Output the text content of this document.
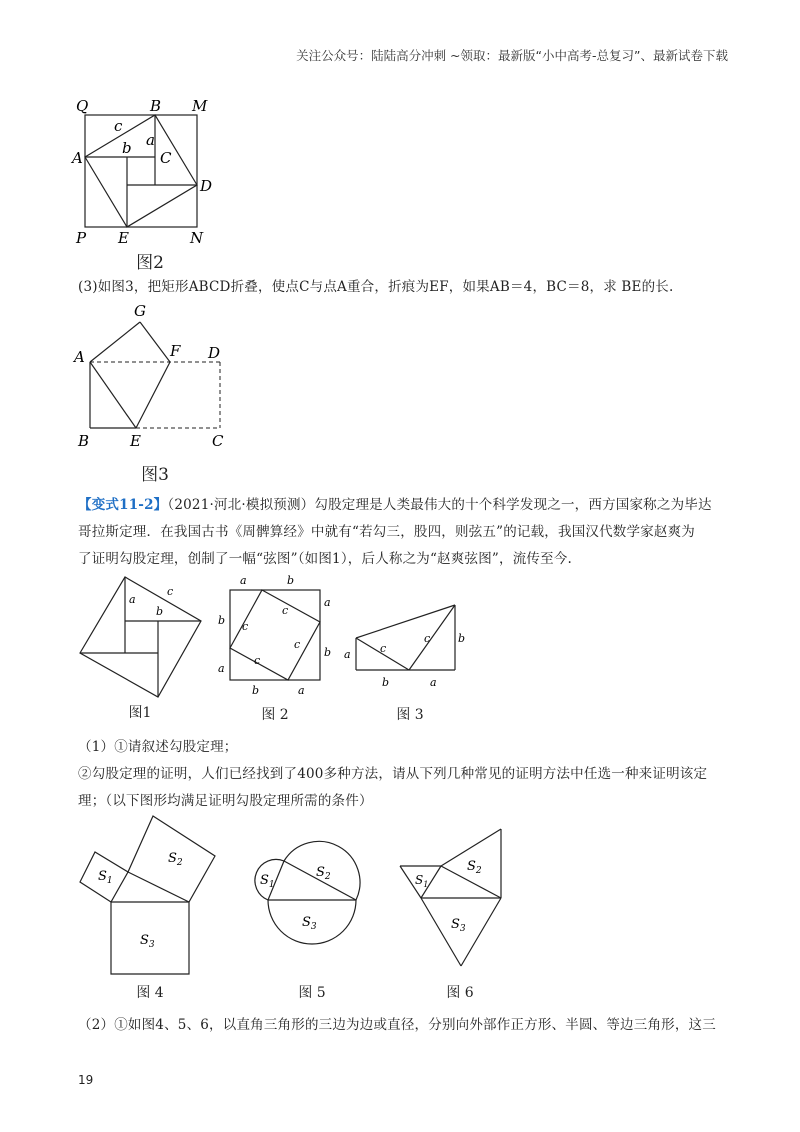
关注公众号：陆陆高分冲刺 ~领取：最新版“小中高考-总复习”、最新试卷下载
Q	B M
c
a
b
A	C
D
P E	N
图2
(3)如图3，把矩形ABCD折叠，使点C与点A重合，折痕为EF，如果AB＝4，BC＝8，求 BE的长.
G
A	F D
B	E	C
图3
【变式11-2】（2021·河北·模拟预测）勾股定理是人类最伟大的十个科学发现之一，西方国家称之为毕达
哥拉斯定理．在我国古书《周髀算经》中就有“若勾三，股四，则弦五”的记载，我国汉代数学家赵爽为
了证明勾股定理，创制了一幅“弦图”（如图1），后人称之为“赵爽弦图”，流传至今.
a
b
c
图1
a	b
a
b
b
a
b	a
c
c
c
c
图 2
a
b	a
b
c
c
图 3
（1）①请叙述勾股定理；
②勾股定理的证明，人们已经找到了400多种方法，请从下列几种常见的证明方法中任选一种来证明该定
理；（以下图形均满足证明勾股定理所需的条件）
$S_1$
$S_2$
$S_3$
图 4
$S_1$
$S_2$
$S_3$
图 5
$S_1$
$S_2$
$S_3$
图 6
（2）①如图4、5、6，以直角三角形的三边为边或直径，分别向外部作正方形、半圆、等边三角形，这三
19
